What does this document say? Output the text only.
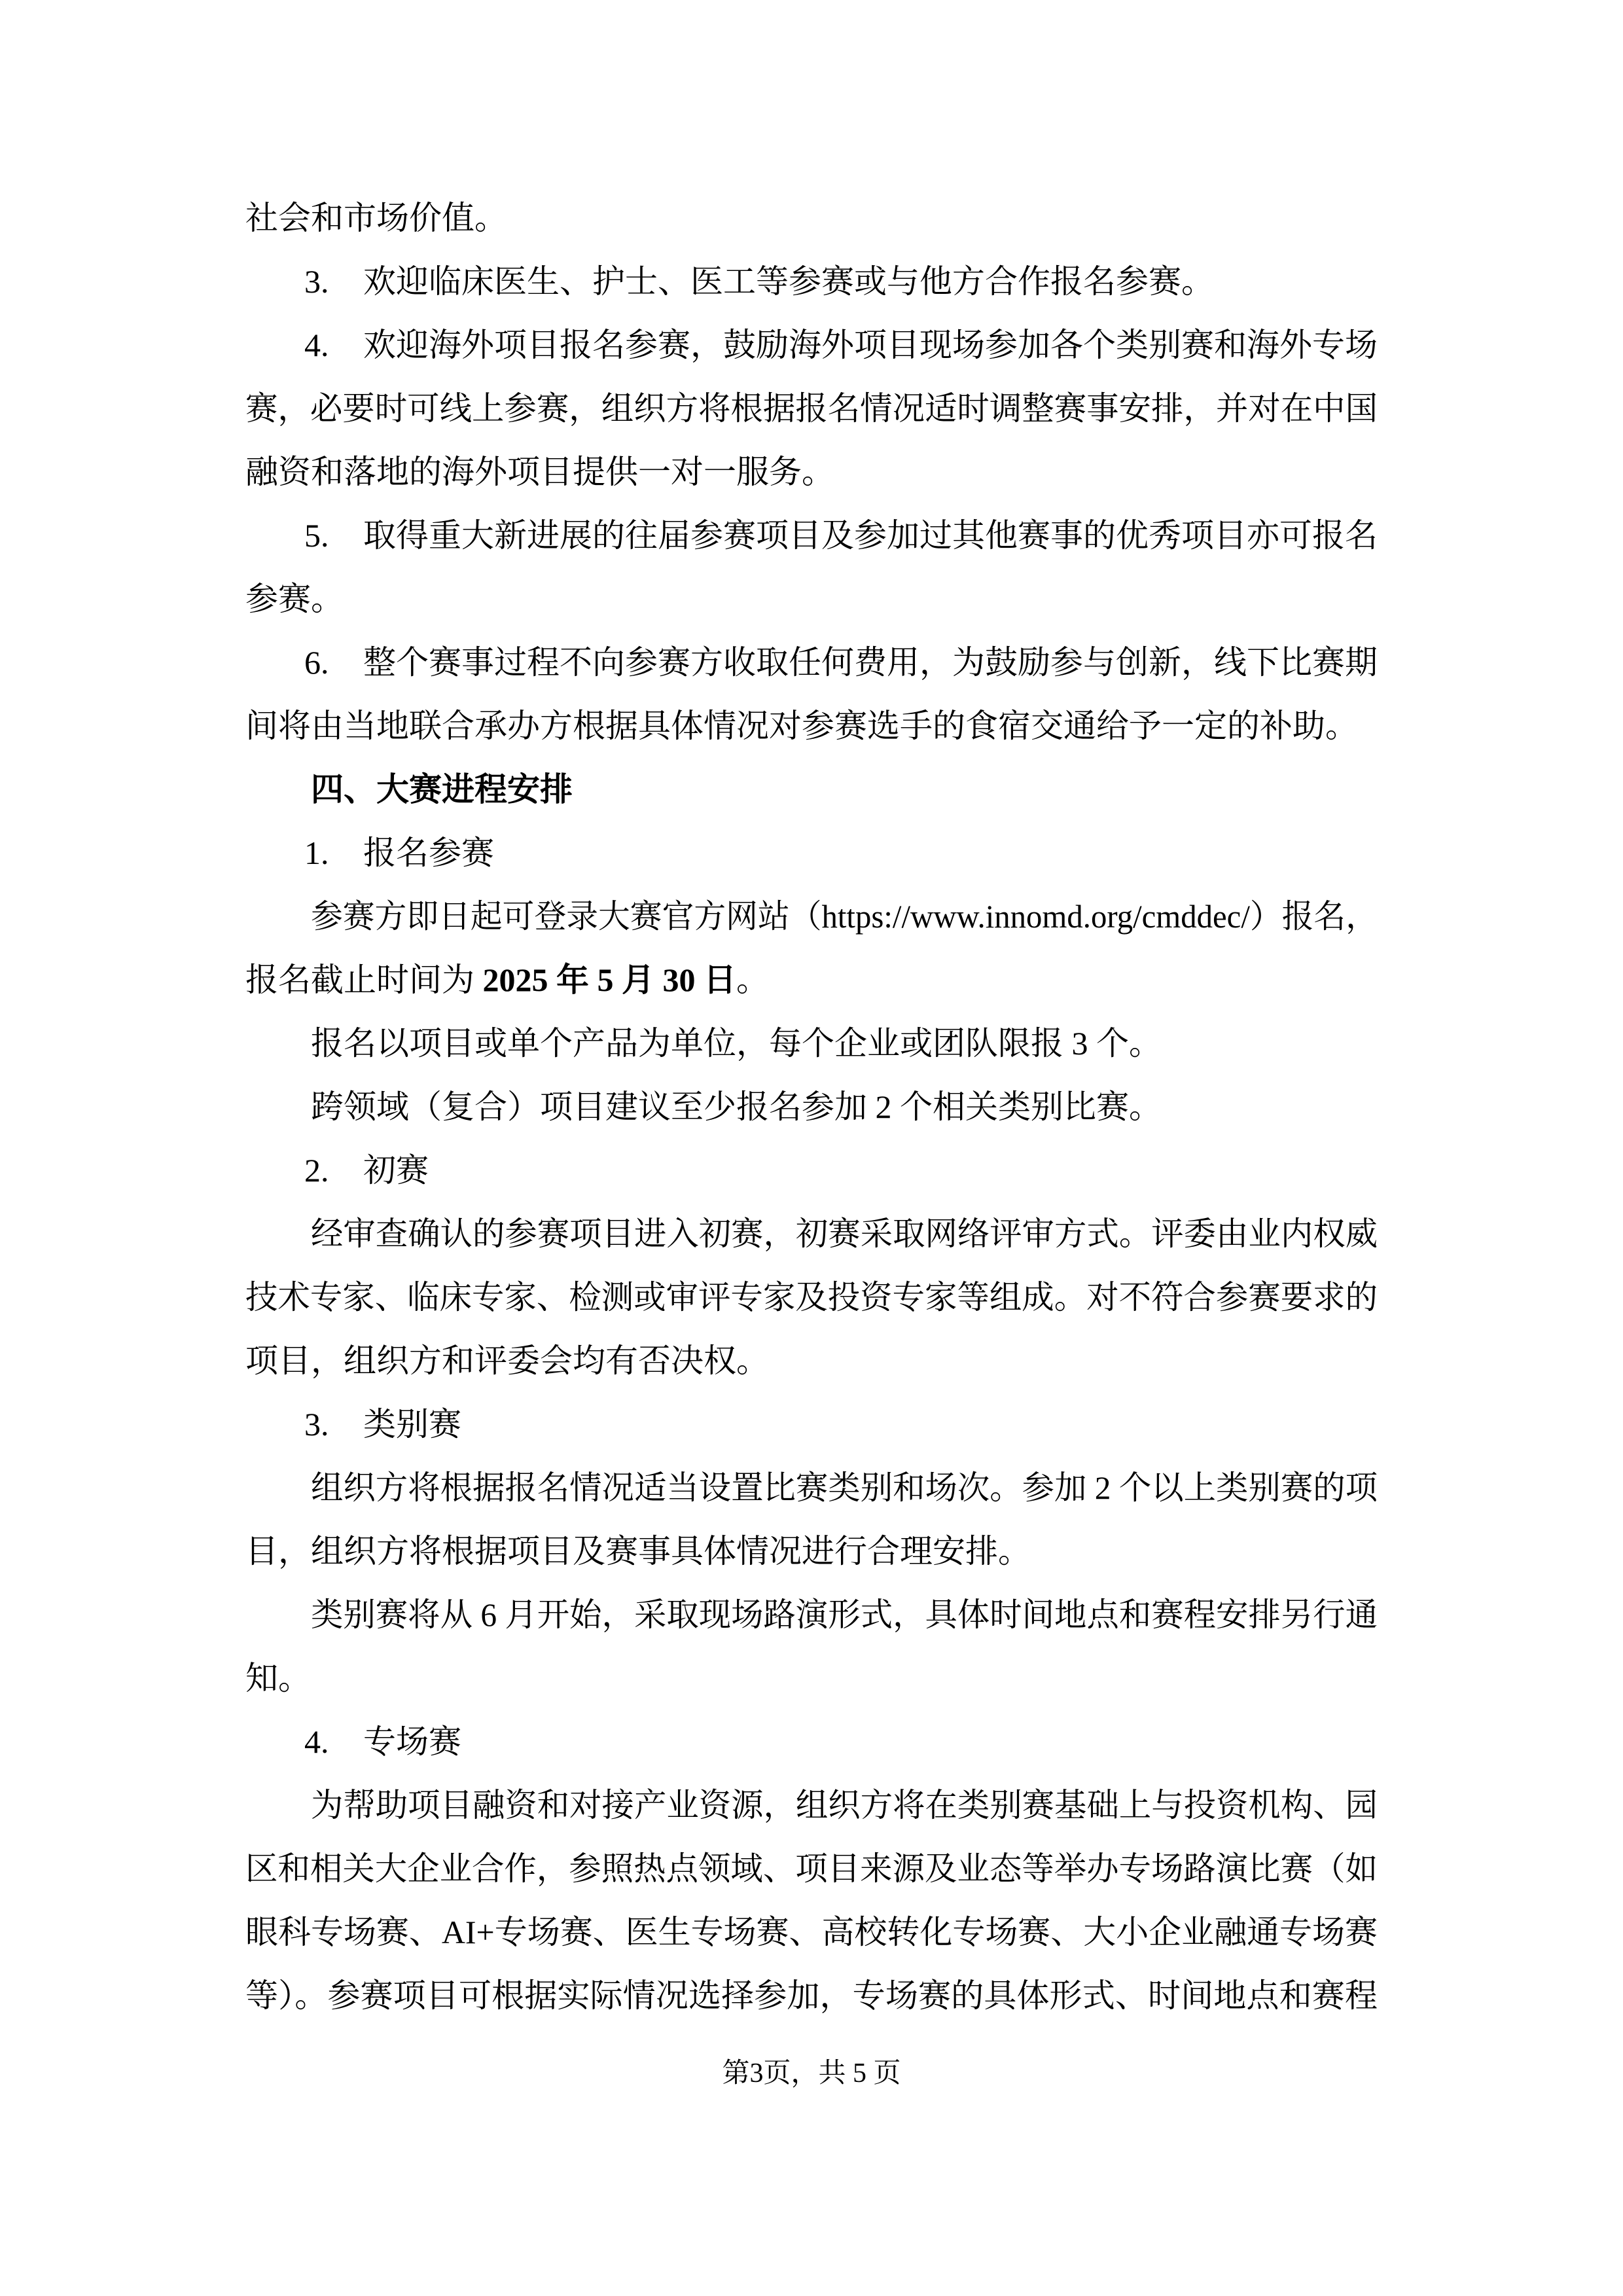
社会和市场价值。
3. 欢迎临床医生、护士、医工等参赛或与他方合作报名参赛。
4. 欢迎海外项目报名参赛，鼓励海外项目现场参加各个类别赛和海外专场
赛，必要时可线上参赛，组织方将根据报名情况适时调整赛事安排，并对在中国
融资和落地的海外项目提供一对一服务。
5. 取得重大新进展的往届参赛项目及参加过其他赛事的优秀项目亦可报名
参赛。
6. 整个赛事过程不向参赛方收取任何费用，为鼓励参与创新，线下比赛期
间将由当地联合承办方根据具体情况对参赛选手的食宿交通给予一定的补助。
四、大赛进程安排
1. 报名参赛
参赛方即日起可登录大赛官方网站（https://www.innomd.org/cmddec/）报名，
报名截止时间为 2025 年 5 月 30 日。
报名以项目或单个产品为单位，每个企业或团队限报 3 个。
跨领域（复合）项目建议至少报名参加 2 个相关类别比赛。
2. 初赛
经审查确认的参赛项目进入初赛，初赛采取网络评审方式。评委由业内权威
技术专家、临床专家、检测或审评专家及投资专家等组成。对不符合参赛要求的
项目，组织方和评委会均有否决权。
3. 类别赛
组织方将根据报名情况适当设置比赛类别和场次。参加 2 个以上类别赛的项
目，组织方将根据项目及赛事具体情况进行合理安排。
类别赛将从 6 月开始，采取现场路演形式，具体时间地点和赛程安排另行通
知。
4. 专场赛
为帮助项目融资和对接产业资源，组织方将在类别赛基础上与投资机构、园
区和相关大企业合作，参照热点领域、项目来源及业态等举办专场路演比赛（如
眼科专场赛、AI+专场赛、医生专场赛、高校转化专场赛、大小企业融通专场赛
等）。参赛项目可根据实际情况选择参加，专场赛的具体形式、时间地点和赛程
第3页，共 5 页
